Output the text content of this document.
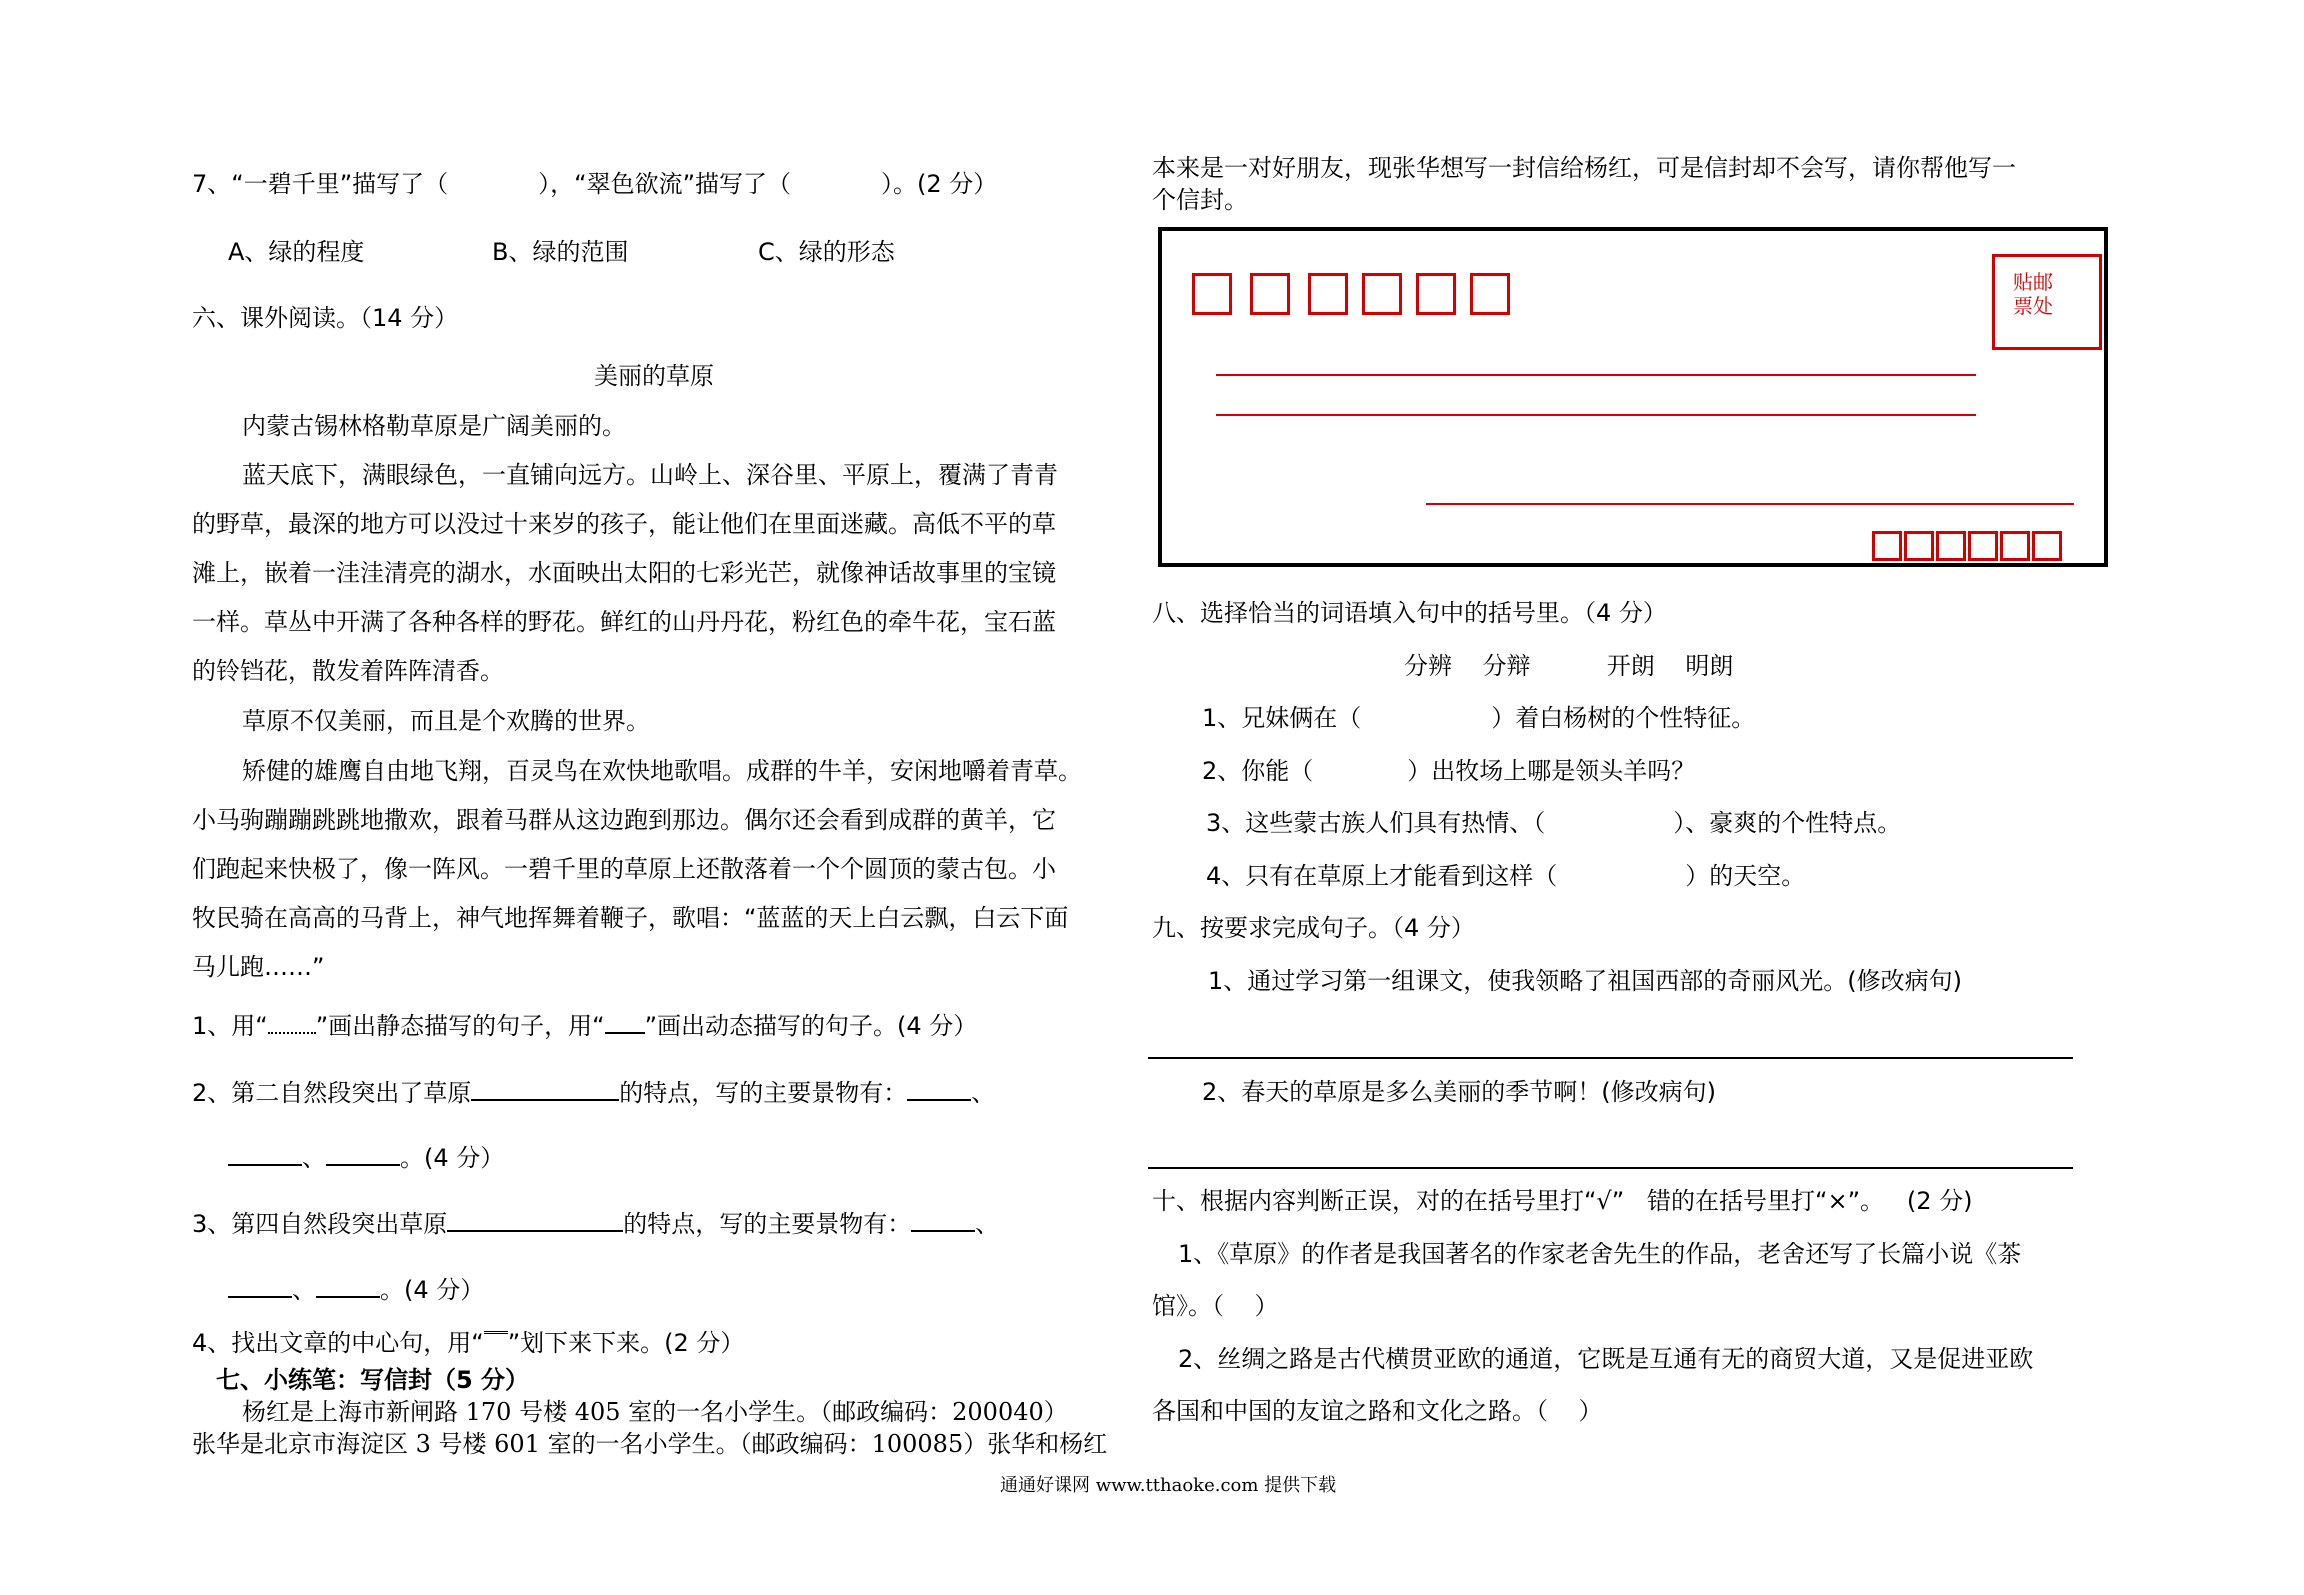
7、“一碧千里”描写了（	），“翠色欲流”描写了（	）。(2 分）
A、绿的程度	B、绿的范围	C、绿的形态
六、课外阅读。（14 分）
美丽的草原
内蒙古锡林格勒草原是广阔美丽的。
蓝天底下，满眼绿色，一直铺向远方。山岭上、深谷里、平原上，覆满了青青
的野草，最深的地方可以没过十来岁的孩子，能让他们在里面迷藏。高低不平的草
滩上，嵌着一洼洼清亮的湖水，水面映出太阳的七彩光芒，就像神话故事里的宝镜
一样。草丛中开满了各种各样的野花。鲜红的山丹丹花，粉红色的牵牛花，宝石蓝
的铃铛花，散发着阵阵清香。
草原不仅美丽，而且是个欢腾的世界。
矫健的雄鹰自由地飞翔，百灵鸟在欢快地歌唱。成群的牛羊，安闲地嚼着青草。
小马驹蹦蹦跳跳地撒欢，跟着马群从这边跑到那边。偶尔还会看到成群的黄羊，它
们跑起来快极了，像一阵风。一碧千里的草原上还散落着一个个圆顶的蒙古包。小
牧民骑在高高的马背上，神气地挥舞着鞭子，歌唱：“蓝蓝的天上白云飘，白云下面
马儿跑……”
1、用“ ”画出静态描写的句子，用“ ”画出动态描写的句子。(4 分）
2、第二自然段突出了草原	的特点，写的主要景物有：	、
、	。(4 分）
3、第四自然段突出草原	的特点，写的主要景物有：	、
、	。(4 分）
4、找出文章的中心句，用“ ”划下来下来。(2 分）
七、小练笔：写信封（5 分）
杨红是上海市新闸路 170 号楼 405 室的一名小学生。（邮政编码：200040）
张华是北京市海淀区 3 号楼 601 室的一名小学生。（邮政编码：100085）张华和杨红
本来是一对好朋友，现张华想写一封信给杨红，可是信封却不会写，请你帮他写一
个信封。
贴邮
票处
八、选择恰当的词语填入句中的括号里。（4 分）
分辨    分辩          开朗    明朗
1、兄妹俩在（	）着白杨树的个性特征。
2、你能（	）出牧场上哪是领头羊吗？
3、这些蒙古族人们具有热情、（	）、豪爽的个性特点。
4、只有在草原上才能看到这样（	）的天空。
九、按要求完成句子。（4 分）
1、通过学习第一组课文，使我领略了祖国西部的奇丽风光。(修改病句)
2、春天的草原是多么美丽的季节啊！(修改病句)
十、根据内容判断正误，对的在括号里打“√”   错的在括号里打“×”。   (2 分)
1、《草原》的作者是我国著名的作家老舍先生的作品，老舍还写了长篇小说《茶
馆》。（    ）
2、丝绸之路是古代横贯亚欧的通道，它既是互通有无的商贸大道，又是促进亚欧
各国和中国的友谊之路和文化之路。（    ）
通通好课网 www.tthaoke.com 提供下载
